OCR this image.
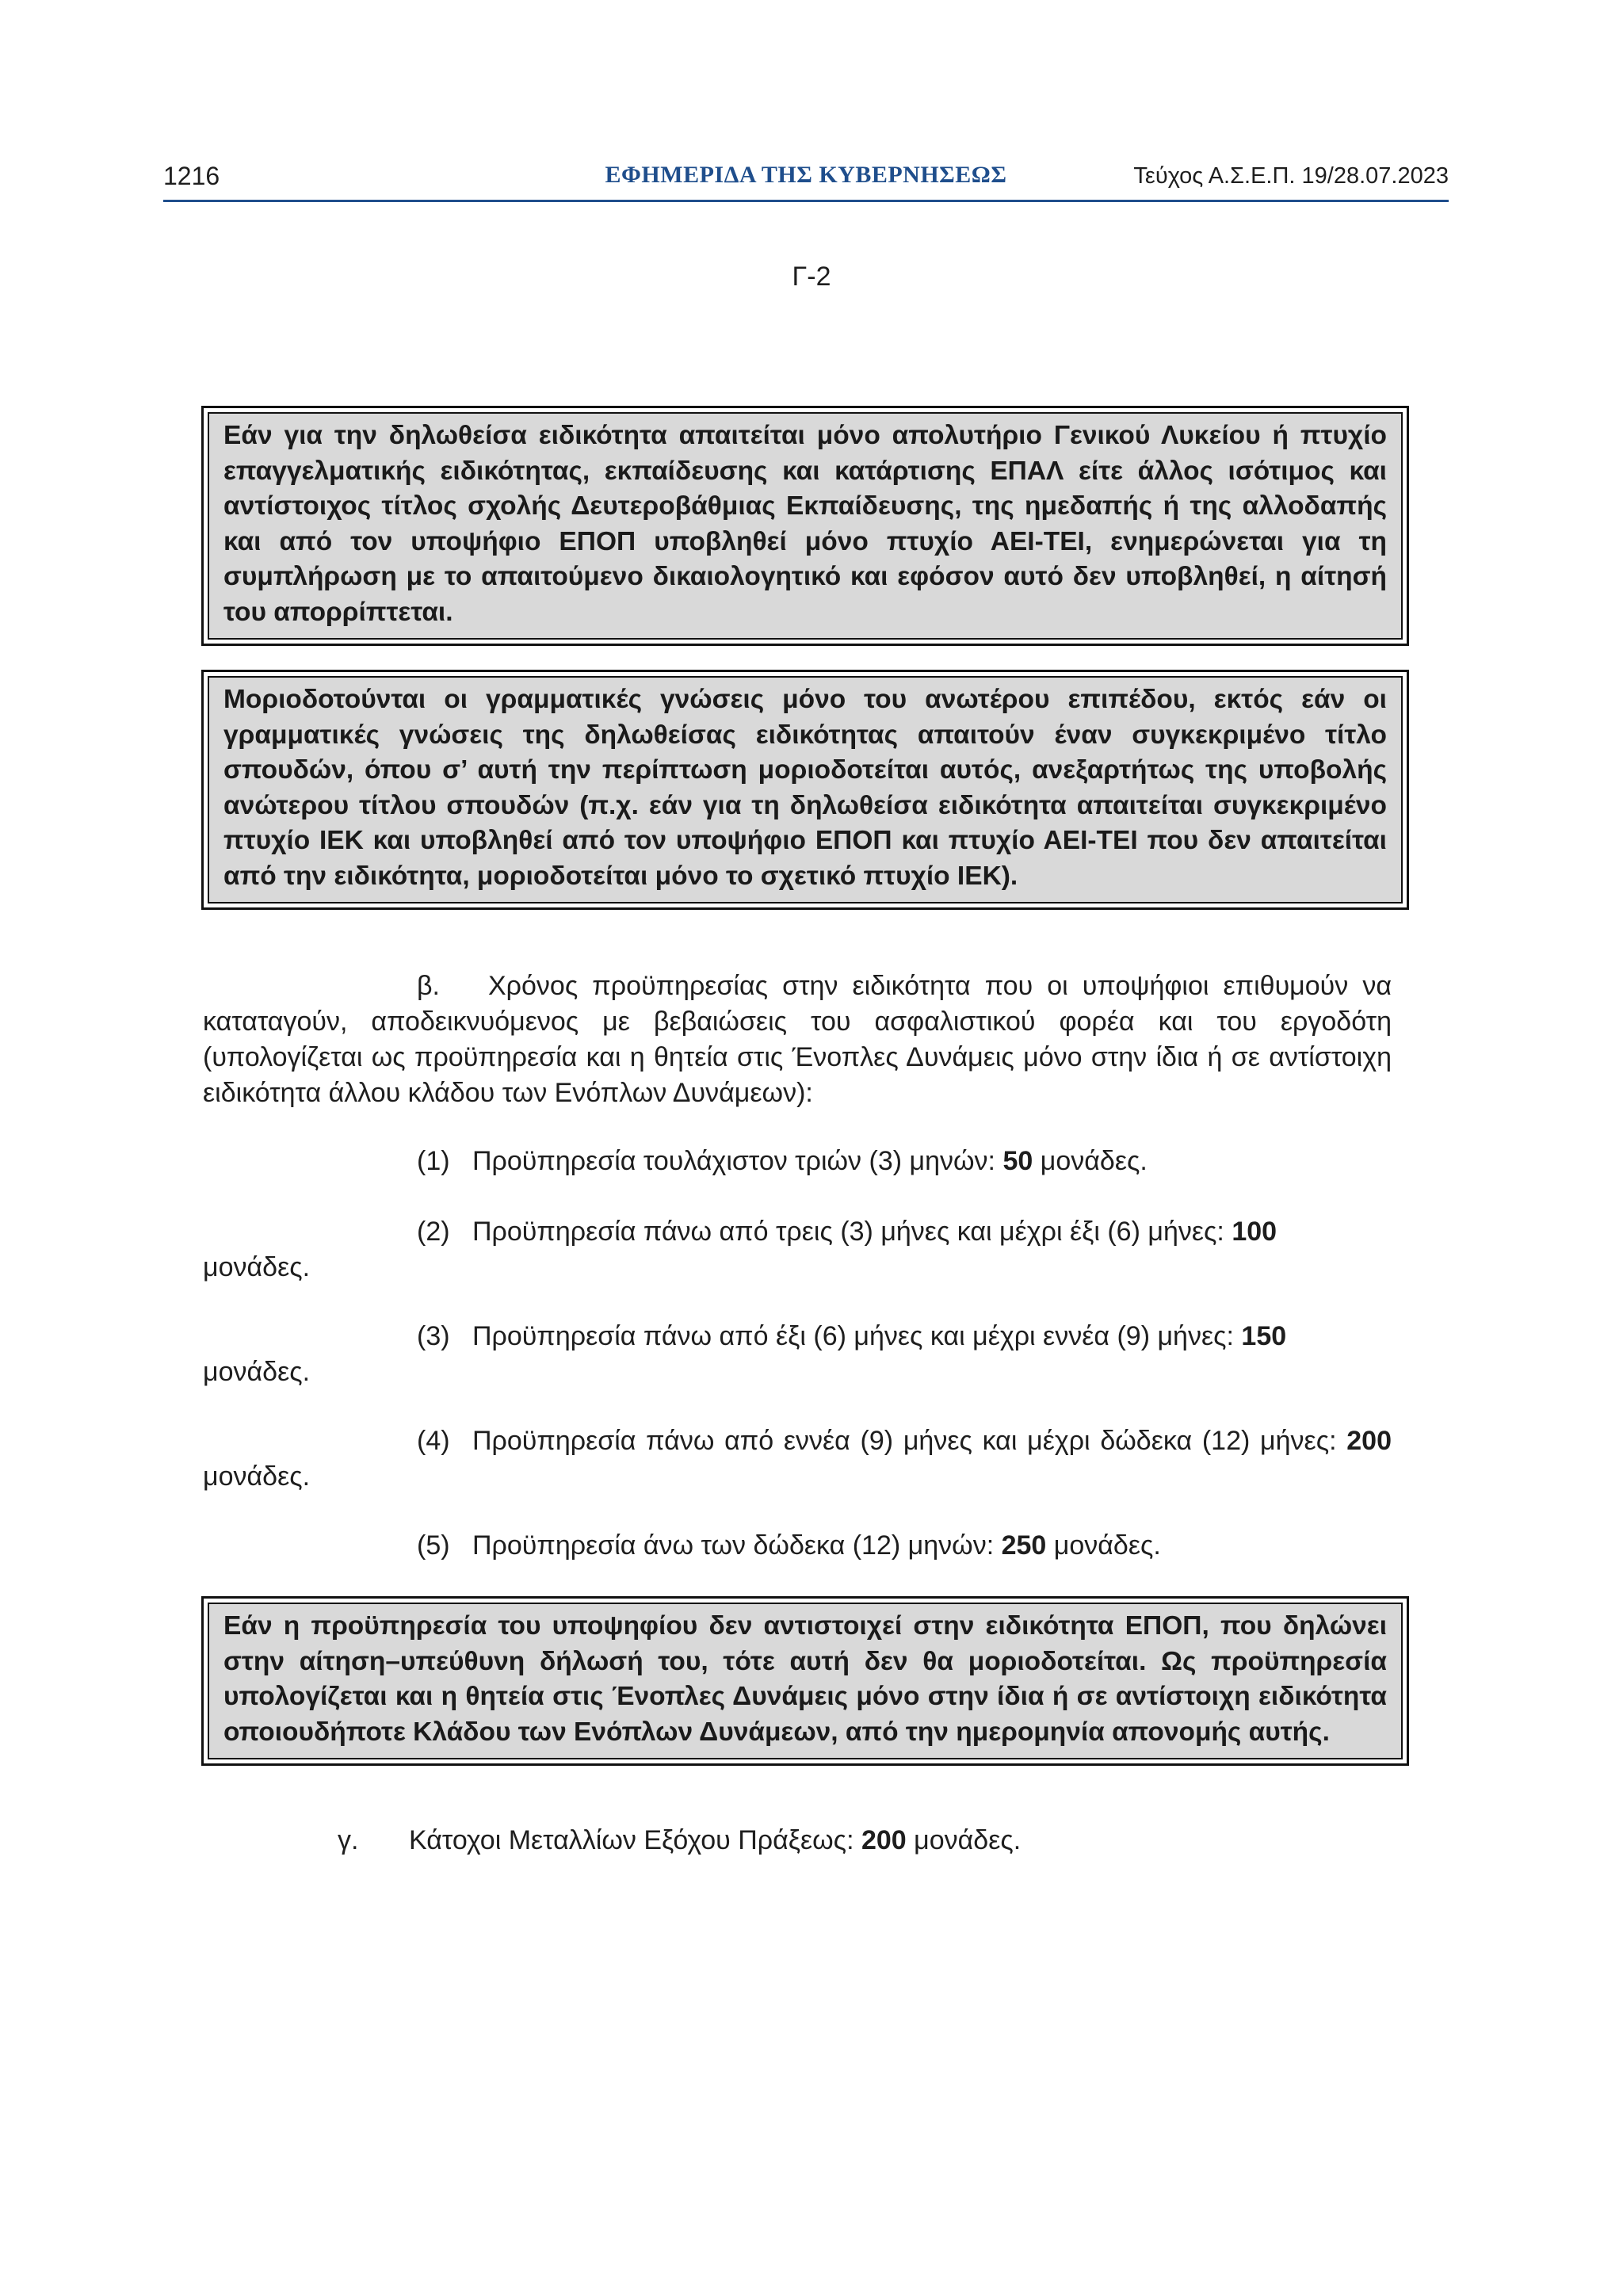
1216	ΕΦΗΜΕΡΙΔΑ ΤΗΣ ΚΥΒΕΡΝΗΣΕΩΣ	Τεύχος Α.Σ.Ε.Π. 19/28.07.2023
Γ-2
Εάν για την δηλωθείσα ειδικότητα απαιτείται μόνο απολυτήριο Γενικού Λυκείου ή πτυχίο επαγγελματικής ειδικότητας, εκπαίδευσης και κατάρτισης ΕΠΑΛ είτε άλλος ισότιμος και αντίστοιχος τίτλος σχολής Δευτεροβάθμιας Εκπαίδευσης, της ημεδαπής ή της αλλοδαπής και από τον υποψήφιο ΕΠΟΠ υποβληθεί μόνο πτυχίο ΑΕΙ-ΤΕΙ, ενημερώνεται για τη συμπλήρωση με το απαιτούμενο δικαιολογητικό και εφόσον αυτό δεν υποβληθεί, η αίτησή του απορρίπτεται.
Μοριοδοτούνται οι γραμματικές γνώσεις μόνο του ανωτέρου επιπέδου, εκτός εάν οι γραμματικές γνώσεις της δηλωθείσας ειδικότητας απαιτούν έναν συγκεκριμένο τίτλο σπουδών, όπου σ’ αυτή την περίπτωση μοριοδοτείται αυτός, ανεξαρτήτως της υποβολής ανώτερου τίτλου σπουδών (π.χ. εάν για τη δηλωθείσα ειδικότητα απαιτείται συγκεκριμένο πτυχίο ΙΕΚ και υποβληθεί από τον υποψήφιο ΕΠΟΠ και πτυχίο ΑΕΙ-ΤΕΙ που δεν απαιτείται από την ειδικότητα, μοριοδοτείται μόνο το σχετικό πτυχίο ΙΕΚ).
β. Χρόνος προϋπηρεσίας στην ειδικότητα που οι υποψήφιοι επιθυμούν να καταταγούν, αποδεικνυόμενος με βεβαιώσεις του ασφαλιστικού φορέα και του εργοδότη (υπολογίζεται ως προϋπηρεσία και η θητεία στις Ένοπλες Δυνάμεις μόνο στην ίδια ή σε αντίστοιχη ειδικότητα άλλου κλάδου των Ενόπλων Δυνάμεων):
(1) Προϋπηρεσία τουλάχιστον τριών (3) μηνών: 50 μονάδες.
(2) Προϋπηρεσία πάνω από τρεις (3) μήνες και μέχρι έξι (6) μήνες: 100
μονάδες.
(3) Προϋπηρεσία πάνω από έξι (6) μήνες και μέχρι εννέα (9) μήνες: 150
μονάδες.
(4) Προϋπηρεσία πάνω από εννέα (9) μήνες και μέχρι δώδεκα (12) μήνες: 200 μονάδες.
(5) Προϋπηρεσία άνω των δώδεκα (12) μηνών: 250 μονάδες.
Εάν η προϋπηρεσία του υποψηφίου δεν αντιστοιχεί στην ειδικότητα ΕΠΟΠ, που δηλώνει στην αίτηση–υπεύθυνη δήλωσή του, τότε αυτή δεν θα μοριοδοτείται. Ως προϋπηρεσία υπολογίζεται και η θητεία στις Ένοπλες Δυνάμεις μόνο στην ίδια ή σε αντίστοιχη ειδικότητα οποιουδήποτε Κλάδου των Ενόπλων Δυνάμεων, από την ημερομηνία απονομής αυτής.
γ. Κάτοχοι Μεταλλίων Εξόχου Πράξεως: 200 μονάδες.
